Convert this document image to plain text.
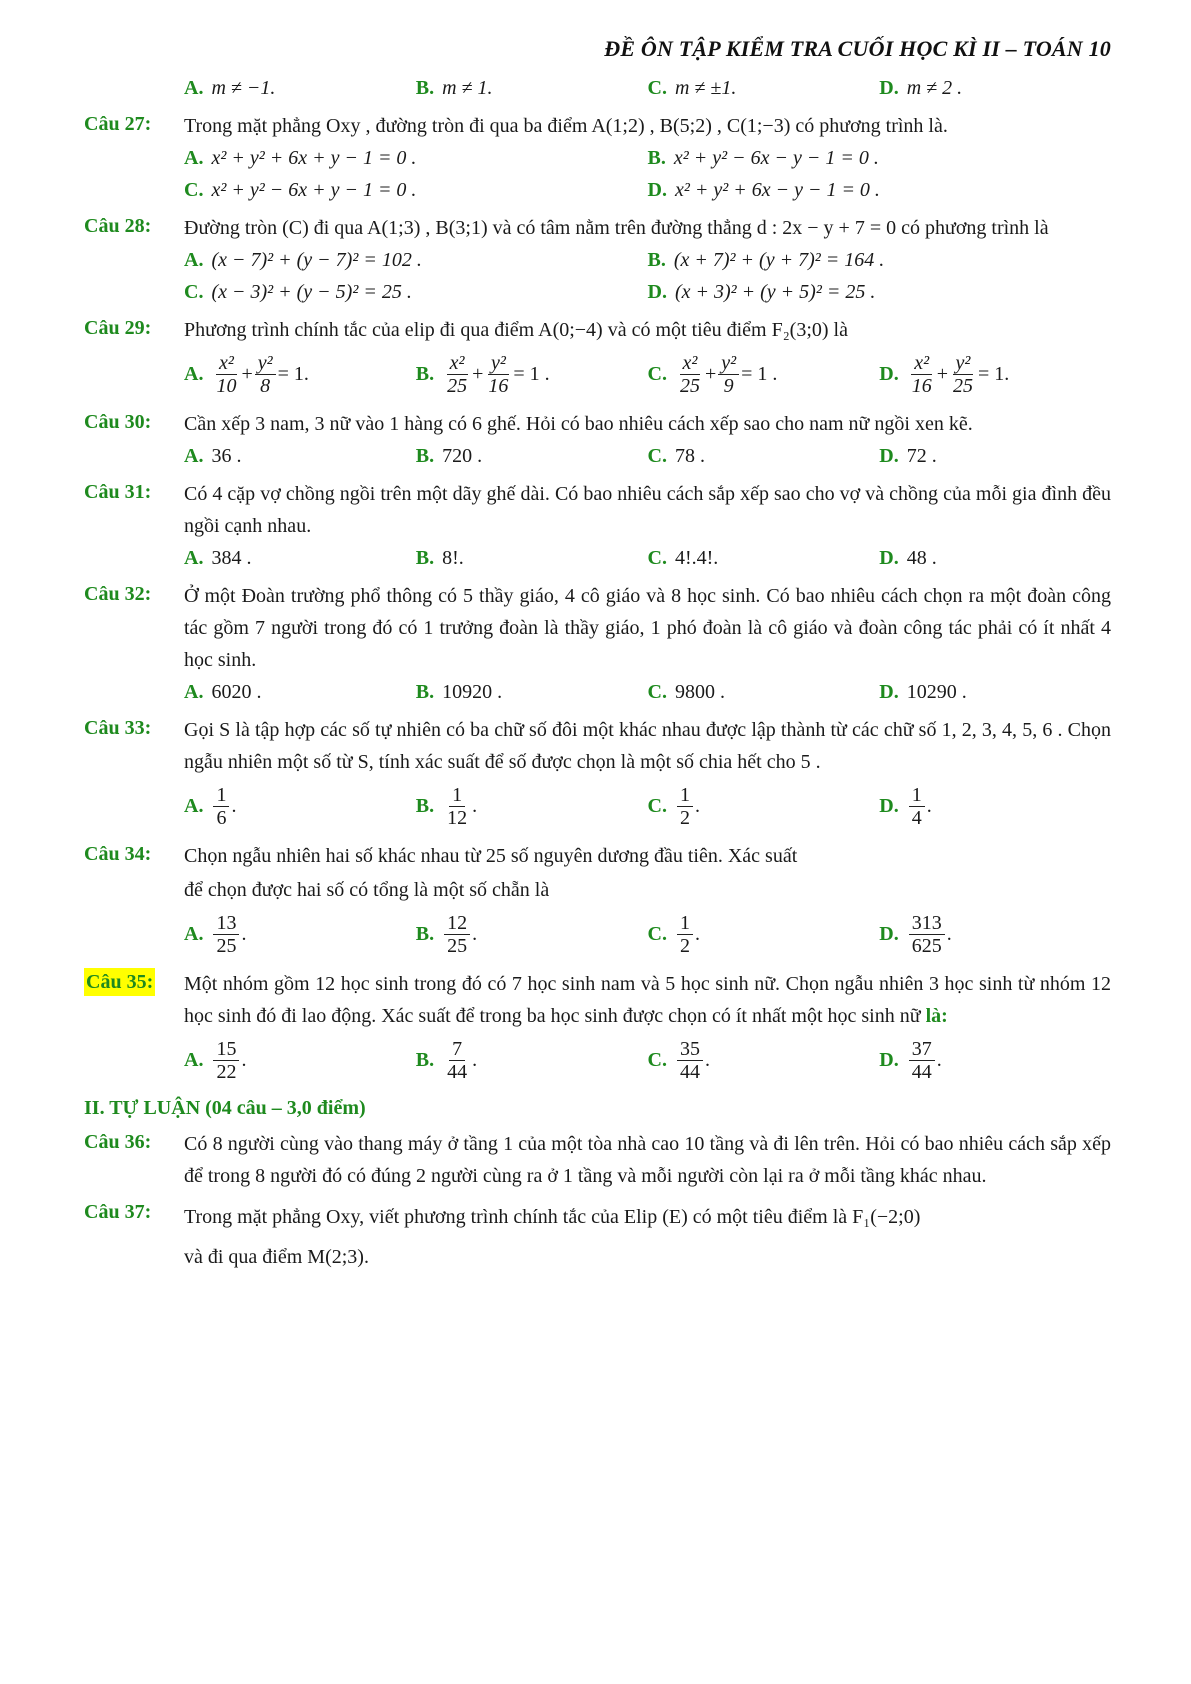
ĐỀ ÔN TẬP KIỂM TRA CUỐI HỌC KÌ II – TOÁN 10
A. m ≠ −1.	B. m ≠ 1.	C. m ≠ ±1.	D. m ≠ 2 .
Câu 27: Trong mặt phẳng Oxy , đường tròn đi qua ba điểm A(1;2) , B(5;2) , C(1;−3) có phương trình là.
A. x² + y² + 6x + y − 1 = 0 .	B. x² + y² − 6x − y − 1 = 0 .
C. x² + y² − 6x + y − 1 = 0 .	D. x² + y² + 6x − y − 1 = 0 .
Câu 28: Đường tròn (C) đi qua A(1;3) , B(3;1) và có tâm nằm trên đường thẳng d : 2x − y + 7 = 0 có phương trình là
A. (x − 7)² + (y − 7)² = 102 .	B. (x + 7)² + (y + 7)² = 164 .
C. (x − 3)² + (y − 5)² = 25 .	D. (x + 3)² + (y + 5)² = 25 .
Câu 29: Phương trình chính tắc của elip đi qua điểm A(0;−4) và có một tiêu điểm F₂(3;0) là
A. $\frac{\text{x²}}{10} + \frac{\text{y²}}{8} = 1$.	B. $\frac{\text{x²}}{25} + \frac{\text{y²}}{16} = 1$ .	C. $\frac{\text{x²}}{25} + \frac{\text{y²}}{9} = 1$ .	D. $\frac{\text{x²}}{16} + \frac{\text{y²}}{25} = 1$.
Câu 30: Cần xếp 3 nam, 3 nữ vào 1 hàng có 6 ghế. Hỏi có bao nhiêu cách xếp sao cho nam nữ ngồi xen kẽ.
A. 36 .	B. 720 .	C. 78 .	D. 72 .
Câu 31: Có 4 cặp vợ chồng ngồi trên một dãy ghế dài. Có bao nhiêu cách sắp xếp sao cho vợ và chồng của mỗi gia đình đều ngồi cạnh nhau.
A. 384 .	B. 8!.	C. 4!.4!.	D. 48 .
Câu 32: Ở một Đoàn trường phổ thông có 5 thầy giáo, 4 cô giáo và 8 học sinh. Có bao nhiêu cách chọn ra một đoàn công tác gồm 7 người trong đó có 1 trưởng đoàn là thầy giáo, 1 phó đoàn là cô giáo và đoàn công tác phải có ít nhất 4 học sinh.
A. 6020 .	B. 10920 .	C. 9800 .	D. 10290 .
Câu 33: Gọi S là tập hợp các số tự nhiên có ba chữ số đôi một khác nhau được lập thành từ các chữ số 1, 2, 3, 4, 5, 6 . Chọn ngẫu nhiên một số từ S, tính xác suất để số được chọn là một số chia hết cho 5 .
A. $\frac{1}{6}$ .	B. $\frac{1}{12}$ .	C. $\frac{1}{2}$ .	D. $\frac{1}{4}$ .
Câu 34: Chọn ngẫu nhiên hai số khác nhau từ 25 số nguyên dương đầu tiên. Xác suất
để chọn được hai số có tổng là một số chẵn là
A. $\frac{13}{25}$ .	B. $\frac{12}{25}$ .	C. $\frac{1}{2}$ .	D. $\frac{313}{625}$ .
Câu 35: Một nhóm gồm 12 học sinh trong đó có 7 học sinh nam và 5 học sinh nữ. Chọn ngẫu nhiên 3 học sinh từ nhóm 12 học sinh đó đi lao động. Xác suất để trong ba học sinh được chọn có ít nhất một học sinh nữ là:
A. $\frac{15}{22}$ .	B. $\frac{7}{44}$ .	C. $\frac{35}{44}$ .	D. $\frac{37}{44}$ .
II. TỰ LUẬN (04 câu – 3,0 điểm)
Câu 36: Có 8 người cùng vào thang máy ở tầng 1 của một tòa nhà cao 10 tầng và đi lên trên. Hỏi có bao nhiêu cách sắp xếp để trong 8 người đó có đúng 2 người cùng ra ở 1 tầng và mỗi người còn lại ra ở mỗi tầng khác nhau.
Câu 37: Trong mặt phẳng Oxy, viết phương trình chính tắc của Elip (E) có một tiêu điểm là F₁(−2;0)
và đi qua điểm M(2;3).
